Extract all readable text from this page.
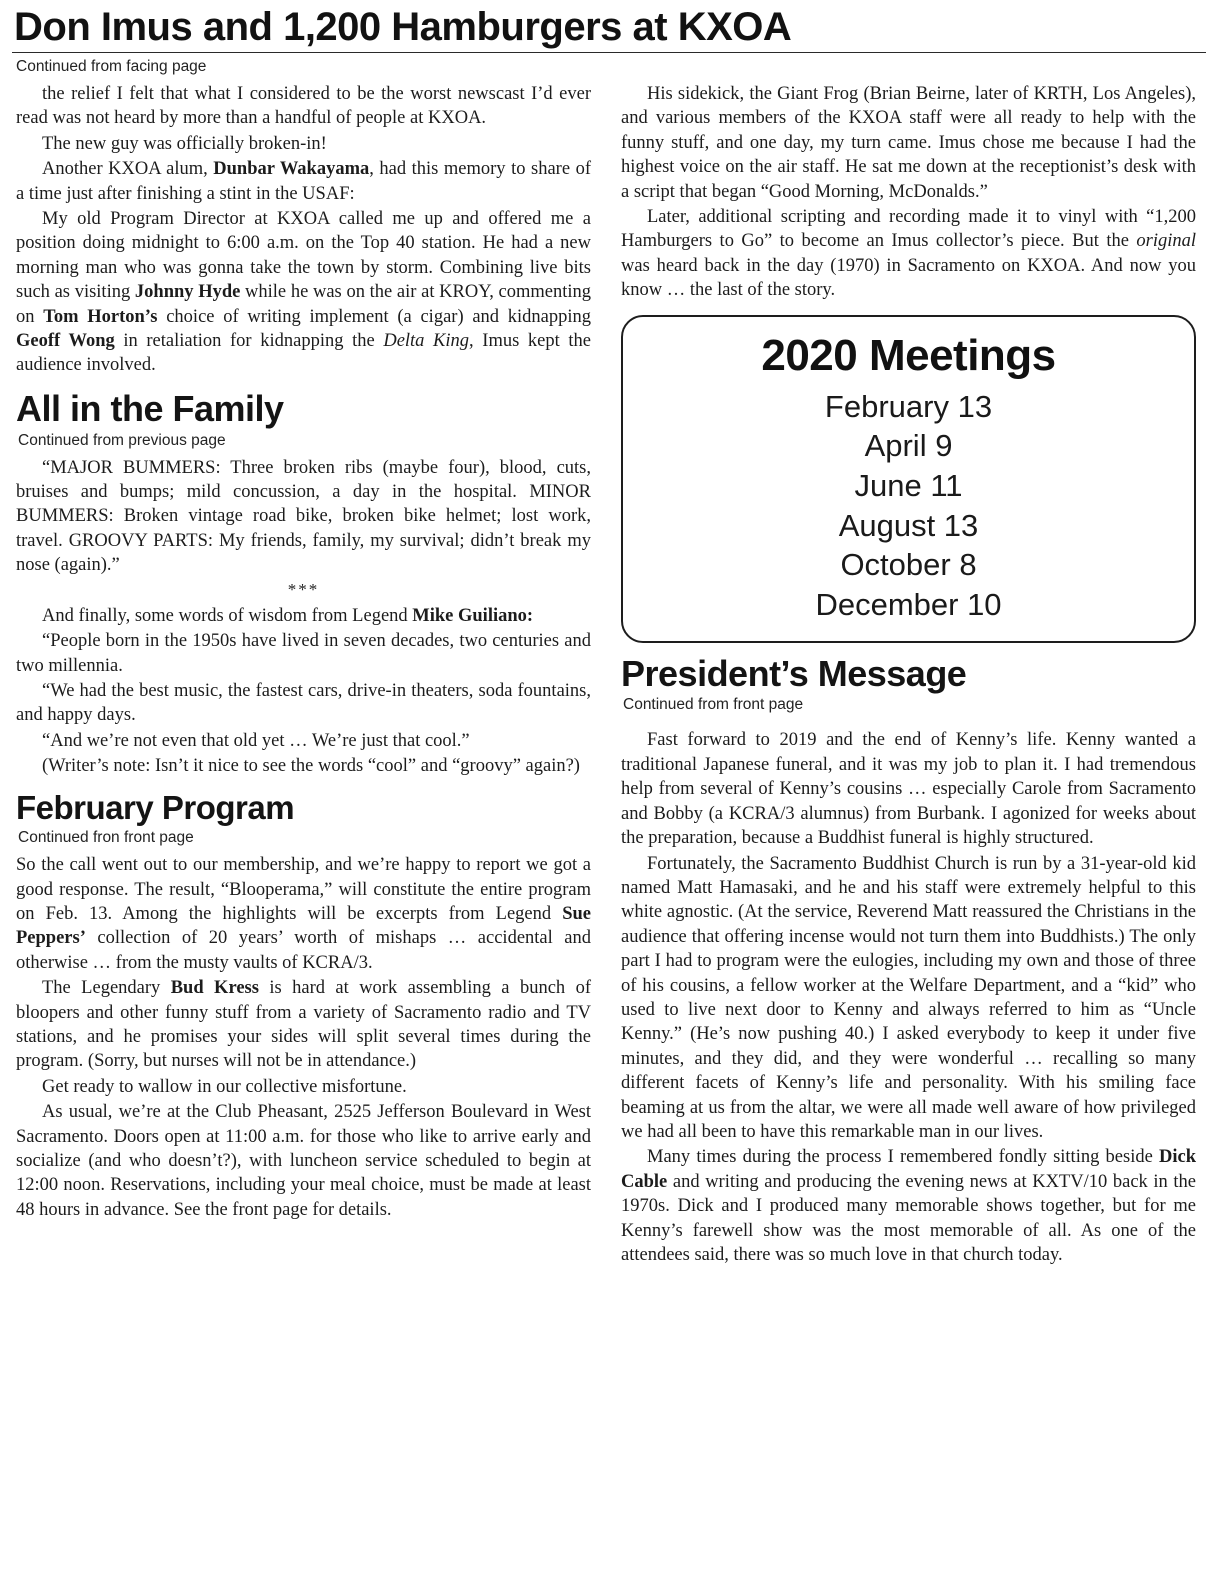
Don Imus and 1,200 Hamburgers at KXOA
Continued from facing page

the relief I felt that what I considered to be the worst newscast I’d ever read was not heard by more than a handful of people at KXOA.

The new guy was officially broken-in!

Another KXOA alum, Dunbar Wakayama, had this memory to share of a time just after finishing a stint in the USAF:

My old Program Director at KXOA called me up and offered me a position doing midnight to 6:00 a.m. on the Top 40 station. He had a new morning man who was gonna take the town by storm. Combining live bits such as visiting Johnny Hyde while he was on the air at KROY, commenting on Tom Horton’s choice of writing implement (a cigar) and kidnapping Geoff Wong in retaliation for kidnapping the Delta King, Imus kept the audience involved.

All in the Family
Continued from previous page

“MAJOR BUMMERS: Three broken ribs (maybe four), blood, cuts, bruises and bumps; mild concussion, a day in the hospital. MINOR BUMMERS: Broken vintage road bike, broken bike helmet; lost work, travel. GROOVY PARTS: My friends, family, my survival; didn’t break my nose (again).”

***

And finally, some words of wisdom from Legend Mike Guiliano:

“People born in the 1950s have lived in seven decades, two centuries and two millennia.

“We had the best music, the fastest cars, drive-in theaters, soda fountains, and happy days.

“And we’re not even that old yet … We’re just that cool.”

(Writer’s note: Isn’t it nice to see the words “cool” and “groovy” again?)

February Program
Continued fron front page

So the call went out to our membership, and we’re happy to report we got a good response. The result, “Blooperama,” will constitute the entire program on Feb. 13. Among the highlights will be excerpts from Legend Sue Peppers’ collection of 20 years’ worth of mishaps … accidental and otherwise … from the musty vaults of KCRA/3.

The Legendary Bud Kress is hard at work assembling a bunch of bloopers and other funny stuff from a variety of Sacramento radio and TV stations, and he promises your sides will split several times during the program. (Sorry, but nurses will not be in attendance.)

Get ready to wallow in our collective misfortune.

As usual, we’re at the Club Pheasant, 2525 Jefferson Boulevard in West Sacramento. Doors open at 11:00 a.m. for those who like to arrive early and socialize (and who doesn’t?), with luncheon service scheduled to begin at 12:00 noon. Reservations, including your meal choice, must be made at least 48 hours in advance. See the front page for details.

His sidekick, the Giant Frog (Brian Beirne, later of KRTH, Los Angeles), and various members of the KXOA staff were all ready to help with the funny stuff, and one day, my turn came. Imus chose me because I had the highest voice on the air staff. He sat me down at the receptionist’s desk with a script that began “Good Morning, McDonalds.”

Later, additional scripting and recording made it to vinyl with “1,200 Hamburgers to Go” to become an Imus collector’s piece. But the original was heard back in the day (1970) in Sacramento on KXOA. And now you know … the last of the story.

2020 Meetings
February 13
April 9
June 11
August 13
October 8
December 10
President’s Message
Continued from front page

Fast forward to 2019 and the end of Kenny’s life. Kenny wanted a traditional Japanese funeral, and it was my job to plan it. I had tremendous help from several of Kenny’s cousins … especially Carole from Sacramento and Bobby (a KCRA/3 alumnus) from Burbank. I agonized for weeks about the preparation, because a Buddhist funeral is highly structured.

Fortunately, the Sacramento Buddhist Church is run by a 31-year-old kid named Matt Hamasaki, and he and his staff were extremely helpful to this white agnostic. (At the service, Reverend Matt reassured the Christians in the audience that offering incense would not turn them into Buddhists.) The only part I had to program were the eulogies, including my own and those of three of his cousins, a fellow worker at the Welfare Department, and a “kid” who used to live next door to Kenny and always referred to him as “Uncle Kenny.” (He’s now pushing 40.) I asked everybody to keep it under five minutes, and they did, and they were wonderful … recalling so many different facets of Kenny’s life and personality. With his smiling face beaming at us from the altar, we were all made well aware of how privileged we had all been to have this remarkable man in our lives.

Many times during the process I remembered fondly sitting beside Dick Cable and writing and producing the evening news at KXTV/10 back in the 1970s. Dick and I produced many memorable shows together, but for me Kenny’s farewell show was the most memorable of all. As one of the attendees said, there was so much love in that church today.
